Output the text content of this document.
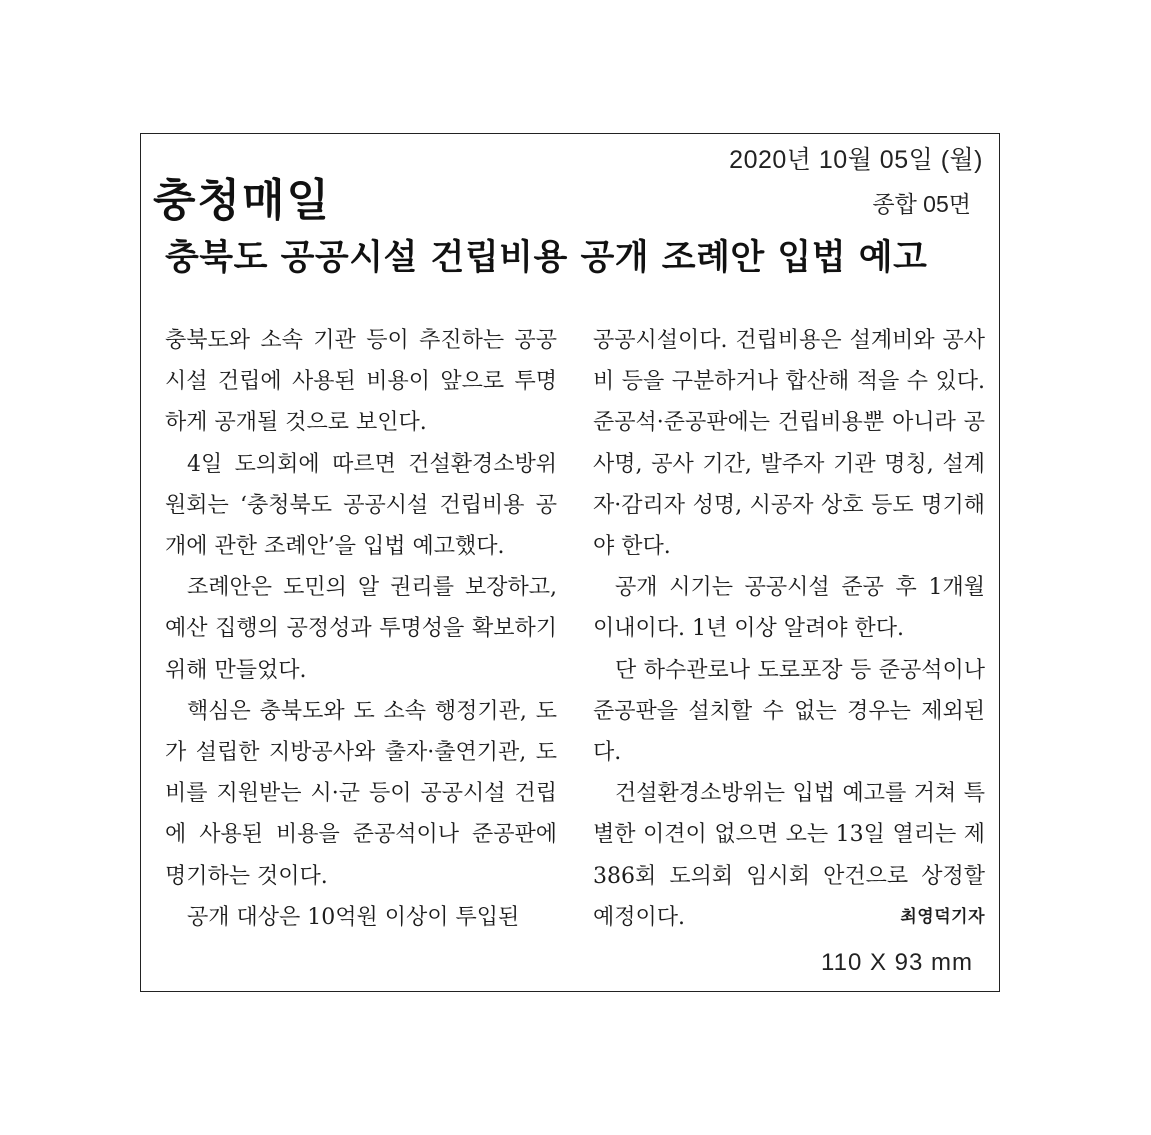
2020년 10월 05일 (월)
충청매일	종합 05면
충북도 공공시설 건립비용 공개 조례안 입법 예고

충북도와 소속 기관 등이 추진하는 공공시설 건립에 사용된 비용이 앞으로 투명하게 공개될 것으로 보인다.

4일 도의회에 따르면 건설환경소방위원회는 ‘충청북도 공공시설 건립비용 공개에 관한 조례안’을 입법 예고했다.

조례안은 도민의 알 권리를 보장하고, 예산 집행의 공정성과 투명성을 확보하기 위해 만들었다.

핵심은 충북도와 도 소속 행정기관, 도가 설립한 지방공사와 출자·출연기관, 도비를 지원받는 시·군 등이 공공시설 건립에 사용된 비용을 준공석이나 준공판에 명기하는 것이다.

공개 대상은 10억원 이상이 투입된

공공시설이다. 건립비용은 설계비와 공사비 등을 구분하거나 합산해 적을 수 있다. 준공석·준공판에는 건립비용뿐 아니라 공사명, 공사 기간, 발주자 기관 명칭, 설계자·감리자 성명, 시공자 상호 등도 명기해야 한다.

공개 시기는 공공시설 준공 후 1개월 이내이다. 1년 이상 알려야 한다.

단 하수관로나 도로포장 등 준공석이나 준공판을 설치할 수 없는 경우는 제외된다.

건설환경소방위는 입법 예고를 거쳐 특별한 이견이 없으면 오는 13일 열리는 제386회 도의회 임시회 안건으로 상정할 예정이다.	최영덕기자

110 X 93 mm
